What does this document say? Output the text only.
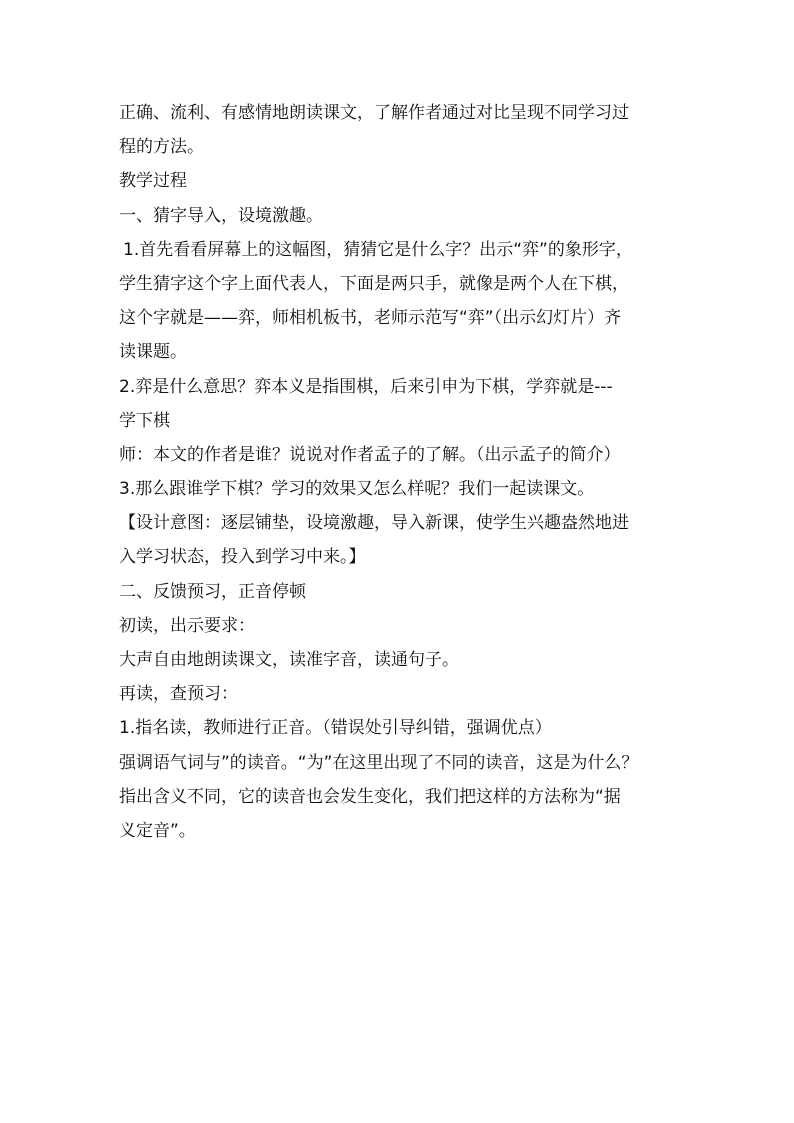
正确、流利、有感情地朗读课文，了解作者通过对比呈现不同学习过
程的方法。
教学过程
一、猜字导入，设境激趣。
1.首先看看屏幕上的这幅图，猜猜它是什么字？出示“弈”的象形字，
学生猜字这个字上面代表人，下面是两只手，就像是两个人在下棋，
这个字就是——弈，师相机板书，老师示范写“弈”（出示幻灯片）齐
读课题。
2.弈是什么意思？弈本义是指围棋，后来引申为下棋，学弈就是---
学下棋
师：本文的作者是谁？说说对作者孟子的了解。（出示孟子的简介）
3.那么跟谁学下棋？学习的效果又怎么样呢？我们一起读课文。
【设计意图：逐层铺垫，设境激趣，导入新课，使学生兴趣盎然地进
入学习状态，投入到学习中来。】
二、反馈预习，正音停顿
初读，出示要求：
大声自由地朗读课文，读准字音，读通句子。
再读，查预习：
1.指名读，教师进行正音。（错误处引导纠错，强调优点）
强调语气词与”的读音。“为”在这里出现了不同的读音，这是为什么？
指出含义不同，它的读音也会发生变化，我们把这样的方法称为“据
义定音”。
